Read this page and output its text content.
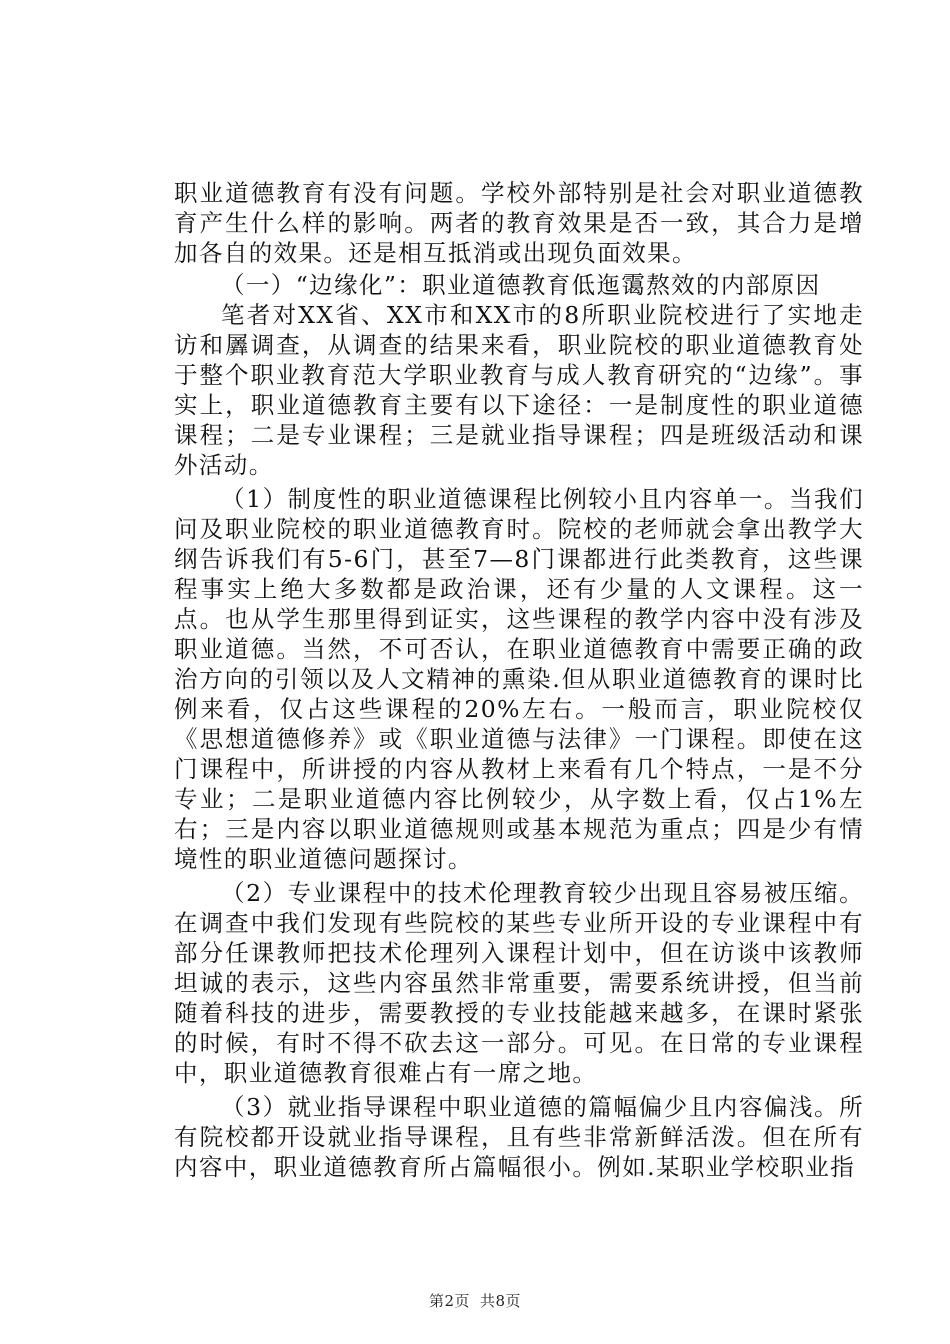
职业道德教育有没有问题。学校外部特别是社会对职业道德教育产生什么样的影响。两者的教育效果是否一致，其合力是增加各自的效果。还是相互抵消或出现负面效果。

（一）“边缘化”：职业道德教育低迤霭熬效的内部原因

笔者对XX省、XX市和XX市的8所职业院校进行了实地走访和羼调查，从调查的结果来看，职业院校的职业道德教育处于整个职业教育范大学职业教育与成人教育研究的“边缘”。事实上，职业道德教育主要有以下途径：一是制度性的职业道德课程；二是专业课程；三是就业指导课程；四是班级活动和课外活动。

（1）制度性的职业道德课程比例较小且内容单一。当我们问及职业院校的职业道德教育时。院校的老师就会拿出教学大纲告诉我们有5-6门，甚至7—8门课都进行此类教育，这些课程事实上绝大多数都是政治课，还有少量的人文课程。这一点。也从学生那里得到证实，这些课程的教学内容中没有涉及职业道德。当然，不可否认，在职业道德教育中需要正确的政治方向的引领以及人文精神的熏染.但从职业道德教育的课时比例来看，仅占这些课程的20%左右。一般而言，职业院校仅《思想道德修养》或《职业道德与法律》一门课程。即使在这门课程中，所讲授的内容从教材上来看有几个特点，一是不分专业；二是职业道德内容比例较少，从字数上看，仅占1%左右；三是内容以职业道德规则或基本规范为重点；四是少有情境性的职业道德问题探讨。

（2）专业课程中的技术伦理教育较少出现且容易被压缩。在调查中我们发现有些院校的某些专业所开设的专业课程中有部分任课教师把技术伦理列入课程计划中，但在访谈中该教师坦诚的表示，这些内容虽然非常重要，需要系统讲授，但当前随着科技的进步，需要教授的专业技能越来越多，在课时紧张的时候，有时不得不砍去这一部分。可见。在日常的专业课程中，职业道德教育很难占有一席之地。

（3）就业指导课程中职业道德的篇幅偏少且内容偏浅。所有院校都开设就业指导课程，且有些非常新鲜活泼。但在所有内容中，职业道德教育所占篇幅很小。例如.某职业学校职业指

第2页 共8页
